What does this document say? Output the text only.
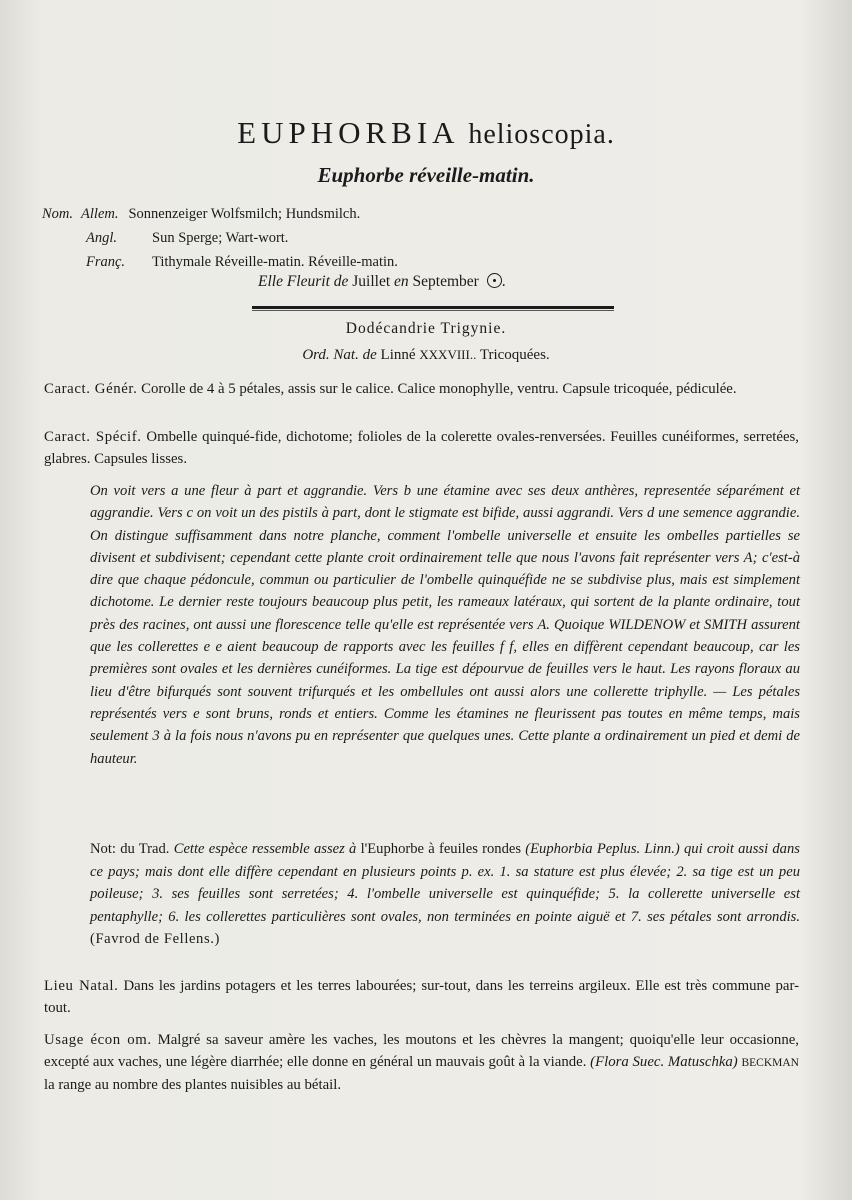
EUPHORBIA helioscopia.
Euphorbe réveille-matin.
Nom. Allem. Sonnenzeiger Wolfsmilch; Hundsmilch.
Angl.	Sun Sperge; Wart-wort.
Franç.	Tithymale Réveille-matin. Réveille-matin.
Elle Fleurit de Juillet en September .
Dodécandrie Trigynie.
Ord. Nat. de Linné XXXVIII.. Tricoquées.
Caract. Génér. Corolle de 4 à 5 pétales, assis sur le calice. Calice monophylle, ventru. Capsule tricoquée, pédiculée.
Caract. Spécif. Ombelle quinqué-fide, dichotome; folioles de la colerette ovales-renversées. Feuilles cunéiformes, serretées, glabres. Capsules lisses.
On voit vers a une fleur à part et aggrandie. Vers b une étamine avec ses deux anthères, representée séparément et aggrandie. Vers c on voit un des pistils à part, dont le stigmate est bifide, aussi aggrandi. Vers d une semence aggrandie. On distingue suffisamment dans notre planche, comment l'ombelle universelle et ensuite les ombelles partielles se divisent et subdivisent; cependant cette plante croit ordinairement telle que nous l'avons fait représenter vers A; c'est-à dire que chaque pédoncule, commun ou particulier de l'ombelle quinquéfide ne se subdivise plus, mais est simplement dichotome. Le dernier reste toujours beaucoup plus petit, les rameaux latéraux, qui sortent de la plante ordinaire, tout près des racines, ont aussi une florescence telle qu'elle est représentée vers A. Quoique WILDENOW et SMITH assurent que les collerettes e e aient beaucoup de rapports avec les feuilles f f, elles en diffèrent cependant beaucoup, car les premières sont ovales et les dernières cunéiformes. La tige est dépourvue de feuilles vers le haut. Les rayons floraux au lieu d'être bifurqués sont souvent trifurqués et les ombellules ont aussi alors une collerette triphylle. — Les pétales représentés vers e sont bruns, ronds et entiers. Comme les étamines ne fleurissent pas toutes en même temps, mais seulement 3 à la fois nous n'avons pu en représenter que quelques unes. Cette plante a ordinairement un pied et demi de hauteur.
Not: du Trad. Cette espèce ressemble assez à l'Euphorbe à feuiles rondes (Euphorbia Peplus. Linn.) qui croit aussi dans ce pays; mais dont elle diffère cependant en plusieurs points p. ex. 1. sa stature est plus élevée; 2. sa tige est un peu poileuse; 3. ses feuilles sont serretées; 4. l'ombelle universelle est quinquéfide; 5. la collerette universelle est pentaphylle; 6. les collerettes particulières sont ovales, non terminées en pointe aiguë et 7. ses pétales sont arrondis. (Favrod de Fellens.)
Lieu Natal. Dans les jardins potagers et les terres labourées; sur-tout, dans les terreins argileux. Elle est très commune par-tout.
Usage écon om. Malgré sa saveur amère les vaches, les moutons et les chèvres la mangent; quoiqu'elle leur occasionne, excepté aux vaches, une légère diarrhée; elle donne en général un mauvais goût à la viande. (Flora Suec. Matuschka) BECKMAN la range au nombre des plantes nuisibles au bétail.
